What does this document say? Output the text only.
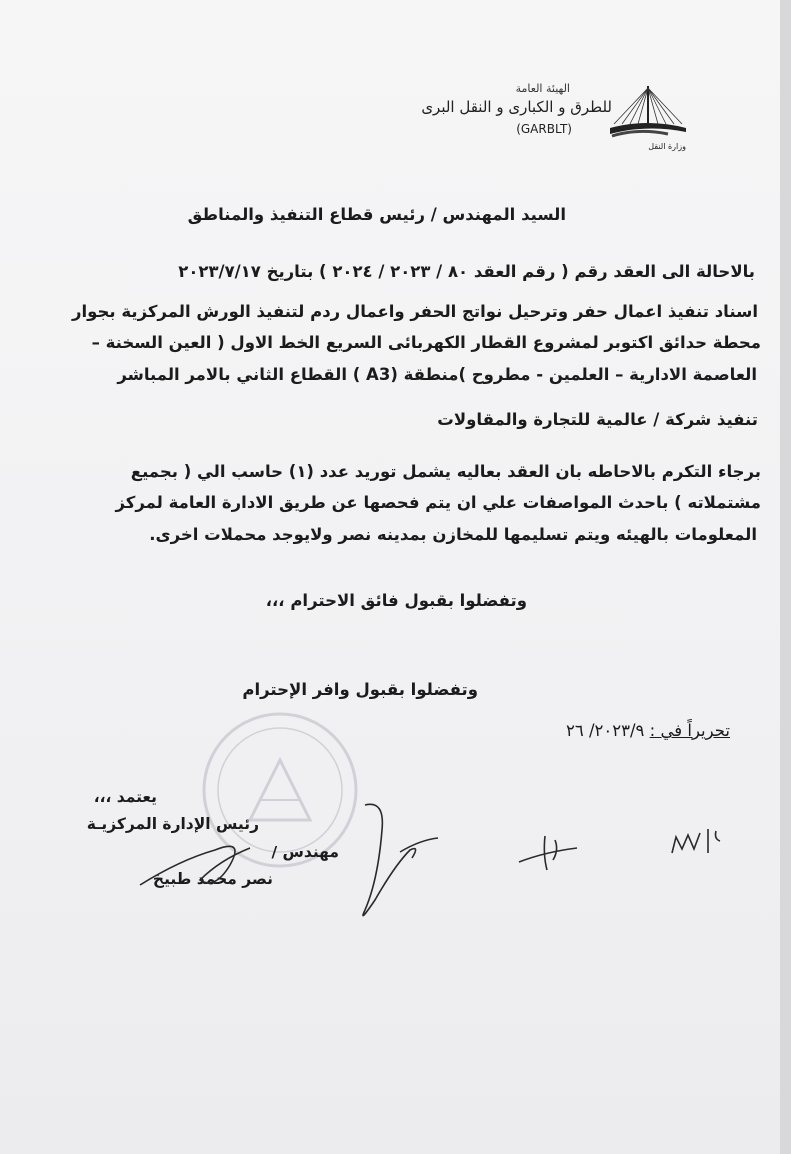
الهيئة العامة
للطرق و الكبارى و النقل البرى
(GARBLT)
وزارة النقل
السيد المهندس / رئيس قطاع التنفيذ والمناطق
بالاحالة الى العقد رقم ( رقم العقد ٨٠ / ٢٠٢٣ / ٢٠٢٤ ) بتاريخ ٢٠٢٣/٧/١٧
اسناد تنفيذ اعمال حفر وترحيل نواتج الحفر واعمال ردم لتنفيذ الورش المركزية بجوار
محطة حدائق اكتوبر لمشروع القطار الكهربائى السريع الخط الاول ( العين السخنة –
العاصمة الادارية – العلمين - مطروح )منطقة (A3 ) القطاع الثاني بالامر المباشر
تنفيذ شركة / عالمية للتجارة والمقاولات
برجاء التكرم بالاحاطه بان العقد بعاليه يشمل توريد عدد (١) حاسب الي ( بجميع
مشتملاته ) باحدث المواصفات علي ان يتم فحصها عن طريق الادارة العامة لمركز
المعلومات بالهيئه ويتم تسليمها للمخازن بمدينه نصر ولايوجد محملات اخرى.
وتفضلوا بقبول فائق الاحترام ،،،
وتفضلوا بقبول وافر الإحترام
تحريراً في : ٢٠٢٣/٩/ ٢٦
يعتمد ،،،
رئيس الإدارة المركزيـة
مهندس /
نصر محمد طبيخ
